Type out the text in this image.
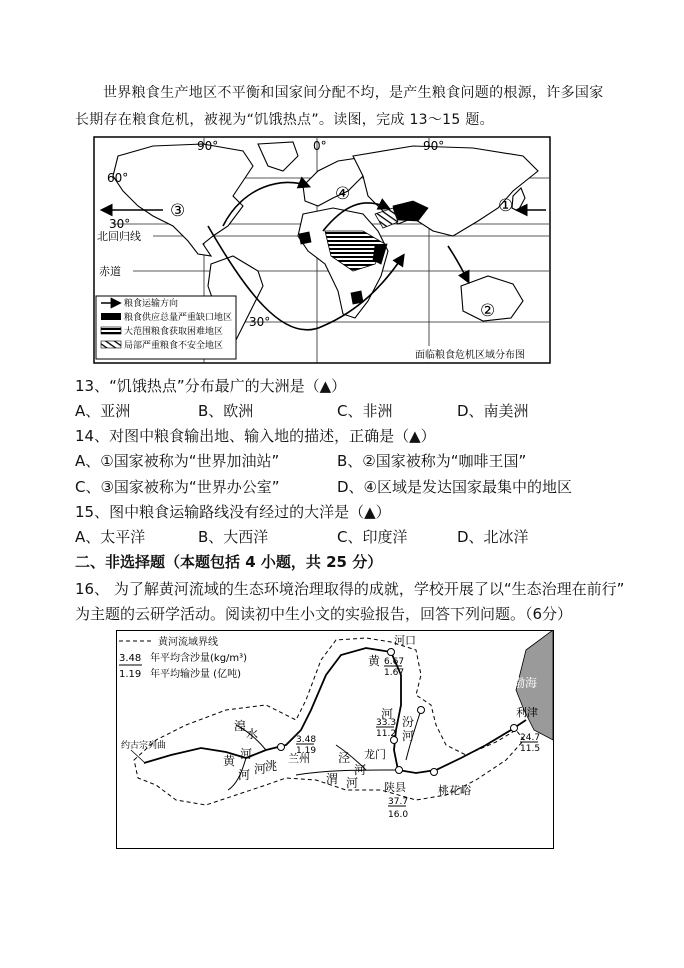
世界粮食生产地区不平衡和国家间分配不均，是产生粮食问题的根源，许多国家

长期存在粮食危机，被视为“饥饿热点”。读图，完成 13～15 题。

90°	0°	90°
60°
30°
北回归线
赤道
30°
①
②
③
④
粮食运输方向
粮食供应总量严重缺口地区
大范围粮食获取困难地区
局部严重粮食不安全地区
面临粮食危机区域分布图
13、“饥饿热点”分布最广的大洲是（▲）
A、亚洲	B、欧洲	C、非洲	D、南美洲
14、对图中粮食输出地、输入地的描述，正确是（▲）
A、①国家被称为“世界加油站”	B、②国家被称为“咖啡王国”
C、③国家被称为“世界办公室”	D、④区域是发达国家最集中的地区
15、图中粮食运输路线没有经过的大洋是（▲）
A、太平洋	B、大西洋	C、印度洋	D、北冰洋
二、非选择题（本题包括 4 小题，共 25 分）
16、 为了解黄河流域的生态环境治理取得的成就，学校开展了以“生态治理在前行”
为主题的云研学活动。阅读初中生小文的实验报告，回答下列问题。（6分）
渤海
黄河流域界线
3.48
1.19
年平均含沙量(kg/m³)
年平均输沙量 (亿吨)
约古宗列曲
河口
兰州	龙门
陕县	桃花峪
利津
黄
河
黄 河
河
洮
湟
水
汾
河
泾
河
渭 河
河
3.48
1.19
6.67
1.67
33.3
11.2
37.7
16.0
24.7
11.5
